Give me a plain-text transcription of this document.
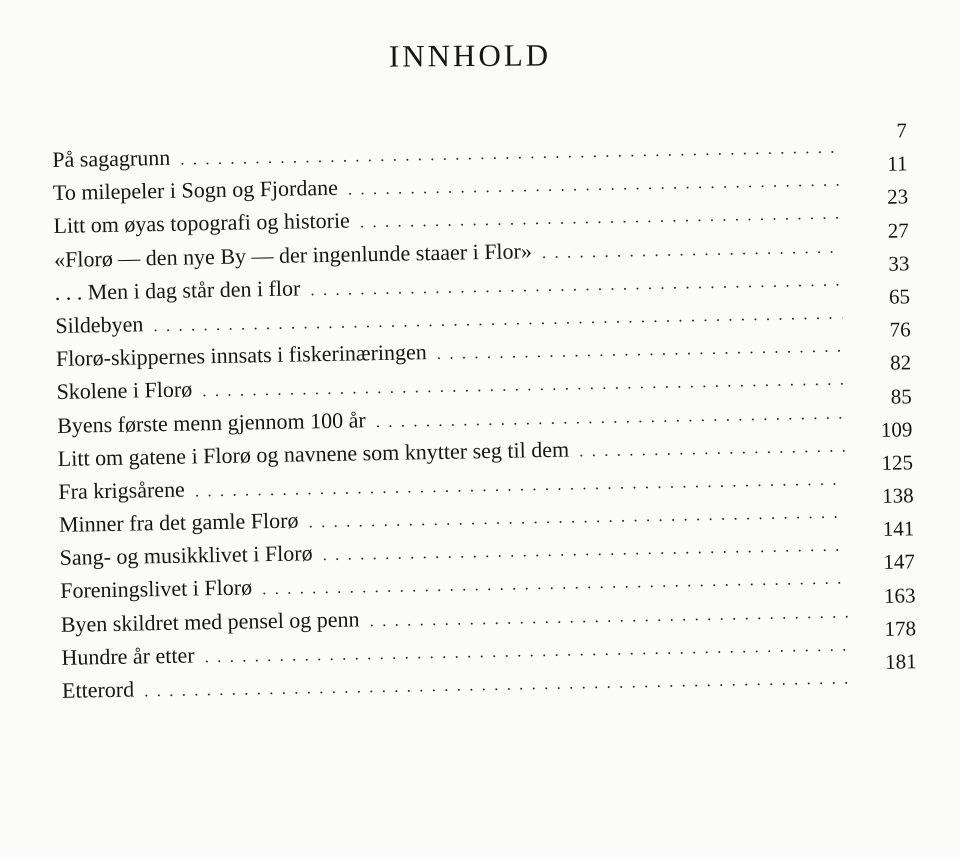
INNHOLD
På sagagrunn
. . .
7
To milepeler i Sogn og Fjordane
. . .
11
Litt om øyas topografi og historie
. . .
23
«Florø — den nye By — der ingenlunde staaer i Flor»
. . .
27
. . . Men i dag står den i flor
. . .
33
Sildebyen
. . .
65
Florø-skippernes innsats i fiskerinæringen
. . .
76
Skolene i Florø
. . .
82
Byens første menn gjennom 100 år
. . .
85
Litt om gatene i Florø og navnene som knytter seg til dem
. . .
109
Fra krigsårene
. . .
125
Minner fra det gamle Florø
. . .
138
Sang- og musikklivet i Florø
. . .
141
Foreningslivet i Florø
. . .
147
Byen skildret med pensel og penn
. . .
163
Hundre år etter
. . .
178
Etterord
. . .
181
